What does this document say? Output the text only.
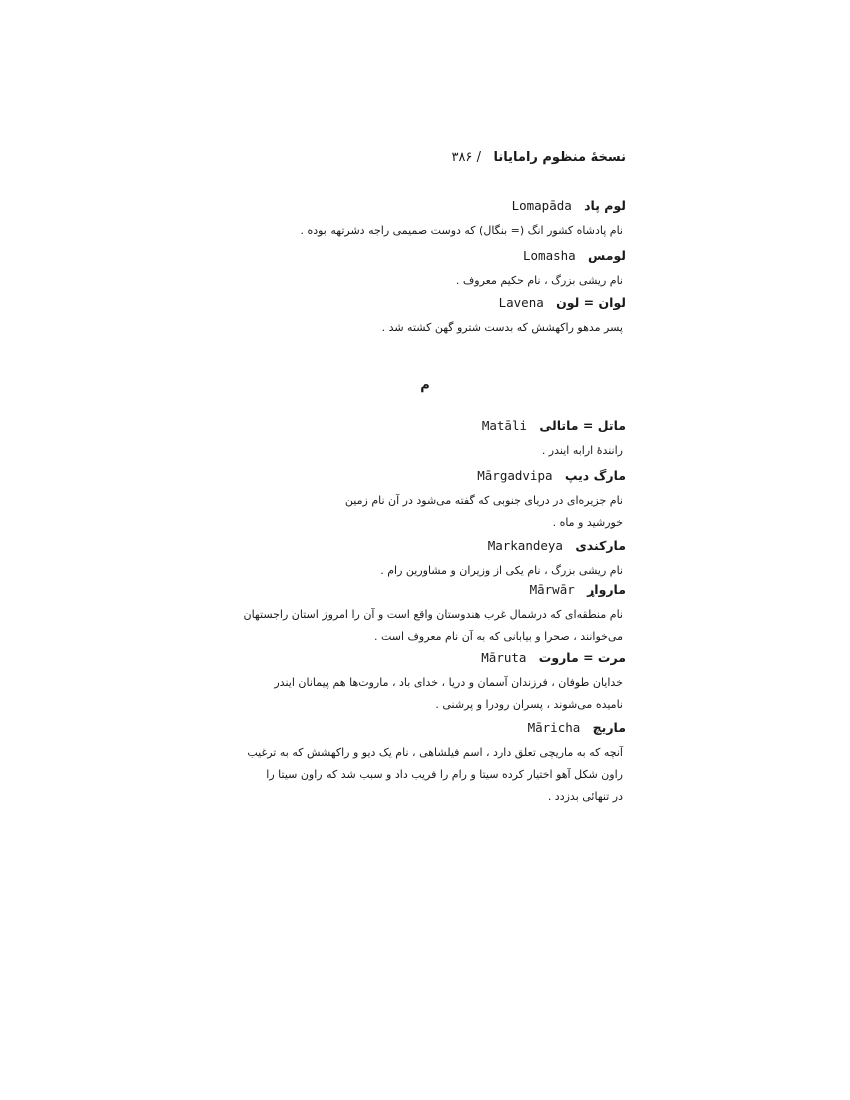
نسخهٔ منظوم رامایانا / ۳۸۶
لوم پاد Lomapāda
نام پادشاه کشور انگ (= بنگال) که دوست صمیمی راجه دشرتهه بوده .
لومس Lomasha
نام ریشی بزرگ ، نام حکیم معروف .
لوان = لون Lavena
پسر مدهو راکهشش که بدست شترو گهن کشته شد .
م
ماتل = ماتالی Matāli
رانندهٔ ارابه ایندر .
مارگ دیپ Mārgadvipa
نام جزیره‌ای در دریای جنوبی که گفته می‌شود در آن نام زمین
خورشید و ماه .
مارکندی Markandeya
نام ریشی بزرگ ، نام یکی از وزیران و مشاورین رام .
مارواړ Mārwār
نام منطقه‌ای که درشمال غرب هندوستان واقع است و آن را امروز استان راجستهان
می‌خوانند ، صحرا و بیابانی که به آن نام معروف است .
مرت = ماروت Māruta
خدایان طوفان ، فرزندان آسمان و دریا ، خدای باد ، ماروت‌ها هم پیمانان ایندر
نامیده می‌شوند ، پسران رودرا و پرشنی .
ماریچ Māricha
آنچه که به ماریچی تعلق دارد ، اسم فیلشاهی ، نام یک دیو و راکهشش که به ترغیب
راون شکل آهو اختیار کرده سیتا و رام را فریب داد و سبب شد که راون سیتا را
در تنهائی بدزدد .
